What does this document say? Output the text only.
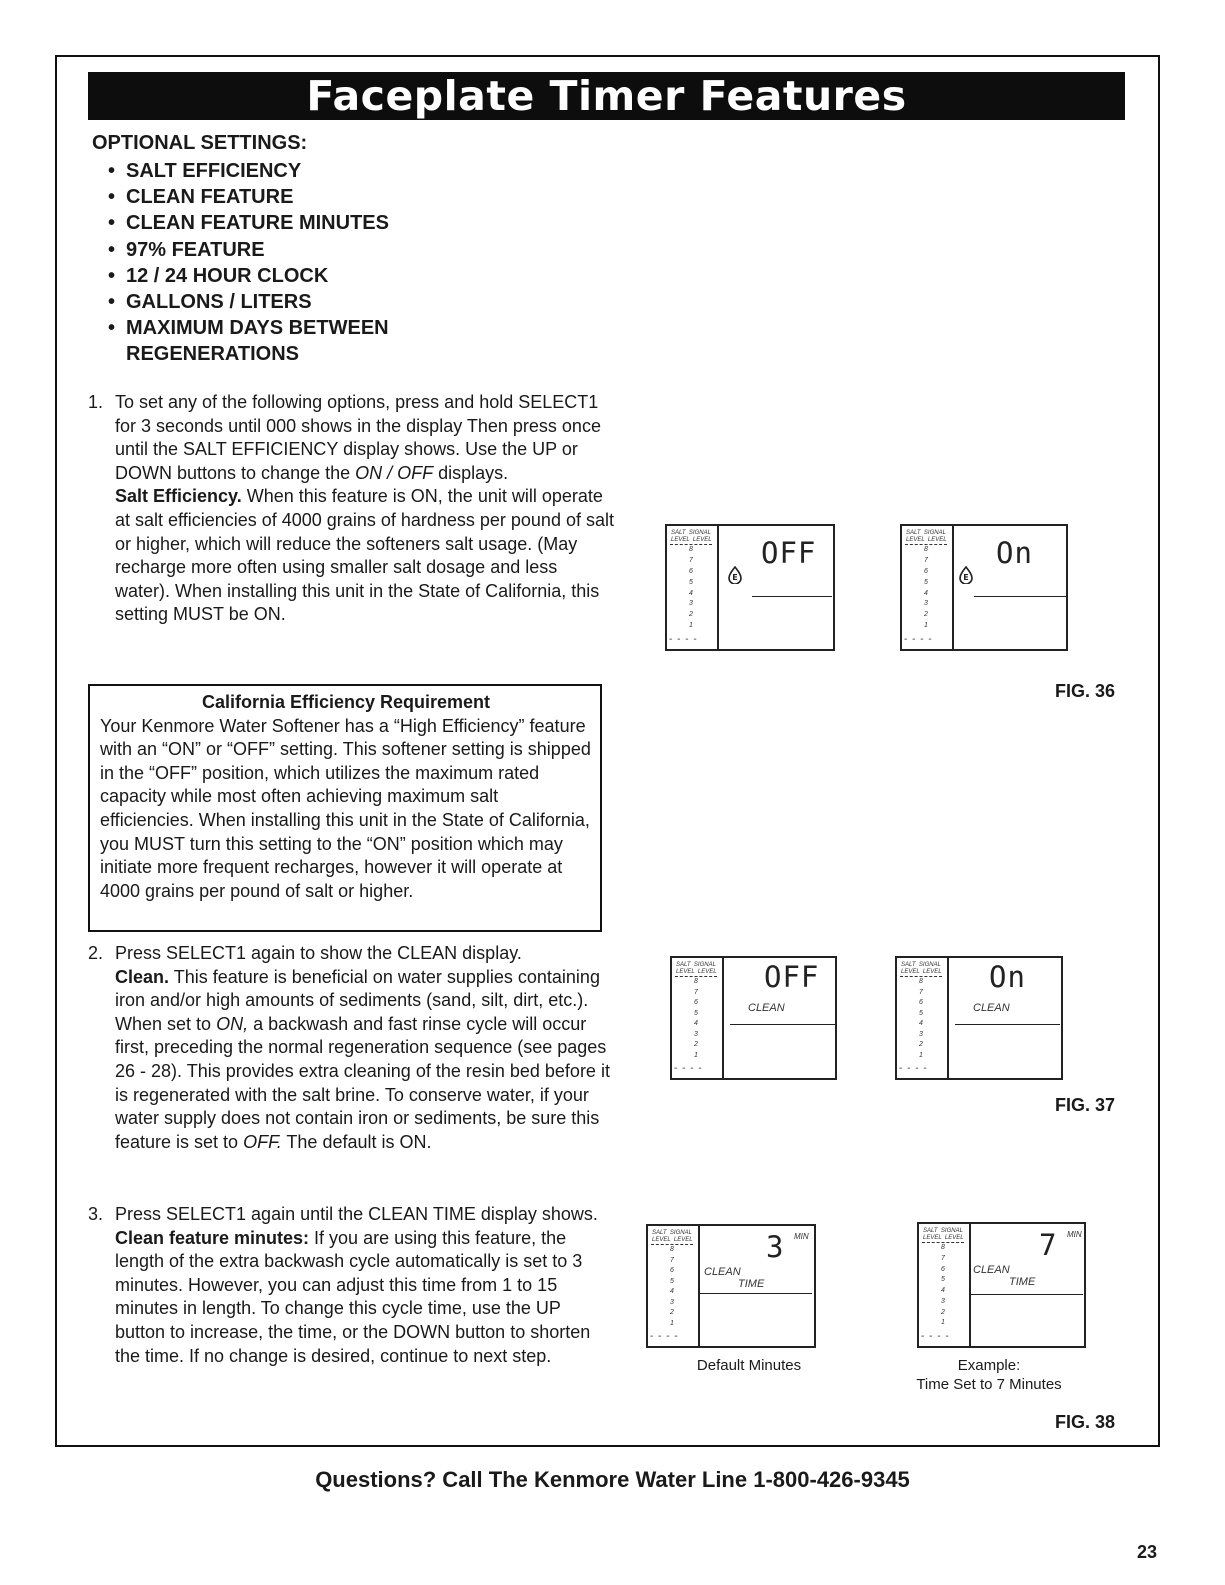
Faceplate Timer Features
OPTIONAL SETTINGS:
• SALT EFFICIENCY
• CLEAN FEATURE
• CLEAN FEATURE MINUTES
• 97% FEATURE
• 12 / 24 HOUR CLOCK
• GALLONS / LITERS
• MAXIMUM DAYS BETWEEN
REGENERATIONS
1. To set any of the following options, press and hold SELECT1 for 3 seconds until 000 shows in the display Then press once until the SALT EFFICIENCY display shows. Use the UP or DOWN buttons to change the ON / OFF displays.

Salt Efficiency. When this feature is ON, the unit will operate at salt efficiencies of 4000 grains of hardness per pound of salt or higher, which will reduce the softeners salt usage. (May recharge more often using smaller salt dosage and less water). When installing this unit in the State of California, this setting MUST be ON.

California Efficiency Requirement

Your Kenmore Water Softener has a “High Efficiency” feature with an “ON” or “OFF” setting. This softener setting is shipped in the “OFF” position, which utilizes the maximum rated capacity while most often achieving maximum salt efficiencies. When installing this unit in the State of California, you MUST turn this setting to the “ON” position which may initiate more frequent recharges, however it will operate at 4000 grains per pound of salt or higher.

2. Press SELECT1 again to show the CLEAN display.

Clean. This feature is beneficial on water supplies containing iron and/or high amounts of sediments (sand, silt, dirt, etc.). When set to ON, a backwash and fast rinse cycle will occur first, preceding the normal regeneration sequence (see pages 26 - 28). This provides extra cleaning of the resin bed before it is regenerated with the salt brine. To conserve water, if your water supply does not contain iron or sediments, be sure this feature is set to OFF. The default is ON.

3. Press SELECT1 again until the CLEAN TIME display shows.

Clean feature minutes: If you are using this feature, the length of the extra backwash cycle automatically is set to 3 minutes. However, you can adjust this time from 1 to 15 minutes in length. To change this cycle time, use the UP button to increase, the time, or the DOWN button to shorten the time. If no change is desired, continue to next step.

SALT  SIGNAL
LEVEL  LEVEL
8
7
6
5
4
3
2
1
- - - -
OFF
E
SALT  SIGNAL
LEVEL  LEVEL
8
7
6
5
4
3
2
1
- - - -
On
E
FIG. 36
SALT  SIGNAL
LEVEL  LEVEL
8
7
6
5
4
3
2
1
- - - -
OFF
CLEAN
SALT  SIGNAL
LEVEL  LEVEL
8
7
6
5
4
3
2
1
- - - -
On
CLEAN
FIG. 37
SALT  SIGNAL
LEVEL  LEVEL
8
7
6
5
4
3
2
1
- - - -
3 MIN
CLEAN
TIME
SALT  SIGNAL
LEVEL  LEVEL
8
7
6
5
4
3
2
1
- - - -
7 MIN
CLEAN
TIME
Default Minutes	Example:
Time Set to 7 Minutes
FIG. 38
Questions? Call The Kenmore Water Line 1-800-426-9345
23
